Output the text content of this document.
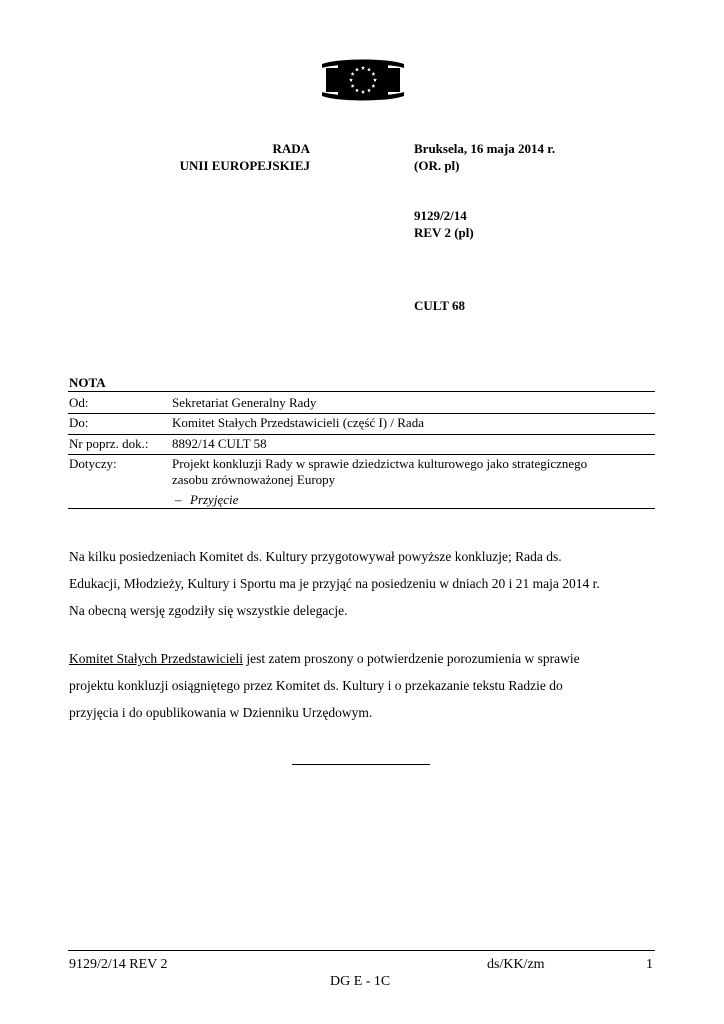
RADA
UNII EUROPEJSKIEJ
Bruksela, 16 maja 2014 r.
(OR. pl)
9129/2/14
REV 2 (pl)
CULT 68
NOTA
Od:	Sekretariat Generalny Rady
Do:	Komitet Stałych Przedstawicieli (część I) / Rada
Nr poprz. dok.: 8892/14 CULT 58
Dotyczy:	Projekt konkluzji Rady w sprawie dziedzictwa kulturowego jako strategicznego
zasobu zrównoważonej Europy
– Przyjęcie
Na kilku posiedzeniach Komitet ds. Kultury przygotowywał powyższe konkluzje; Rada ds.
Edukacji, Młodzieży, Kultury i Sportu ma je przyjąć na posiedzeniu w dniach 20 i 21 maja 2014 r.
Na obecną wersję zgodziły się wszystkie delegacje.
Komitet Stałych Przedstawicieli jest zatem proszony o potwierdzenie porozumienia w sprawie
projektu konkluzji osiągniętego przez Komitet ds. Kultury i o przekazanie tekstu Radzie do
przyjęcia i do opublikowania w Dzienniku Urzędowym.
9129/2/14 REV 2	ds/KK/zm	1
DG E - 1C
